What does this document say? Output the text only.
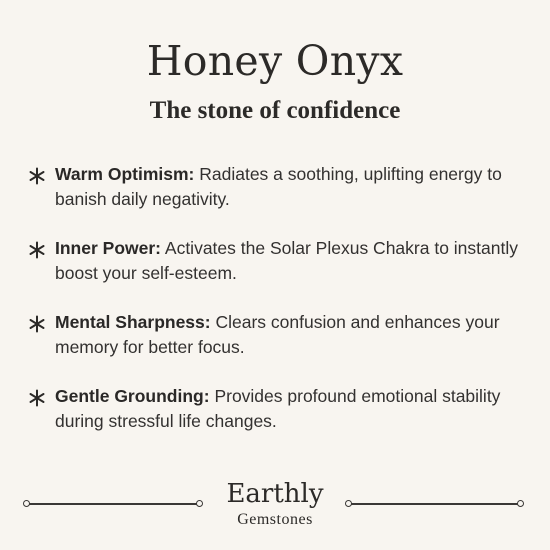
Honey Onyx
The stone of confidence
Warm Optimism: Radiates a soothing, uplifting energy to banish daily negativity.
Inner Power: Activates the Solar Plexus Chakra to instantly boost your self-esteem.
Mental Sharpness: Clears confusion and enhances your memory for better focus.
Gentle Grounding: Provides profound emotional stability during stressful life changes.
Earthly
Gemstones
